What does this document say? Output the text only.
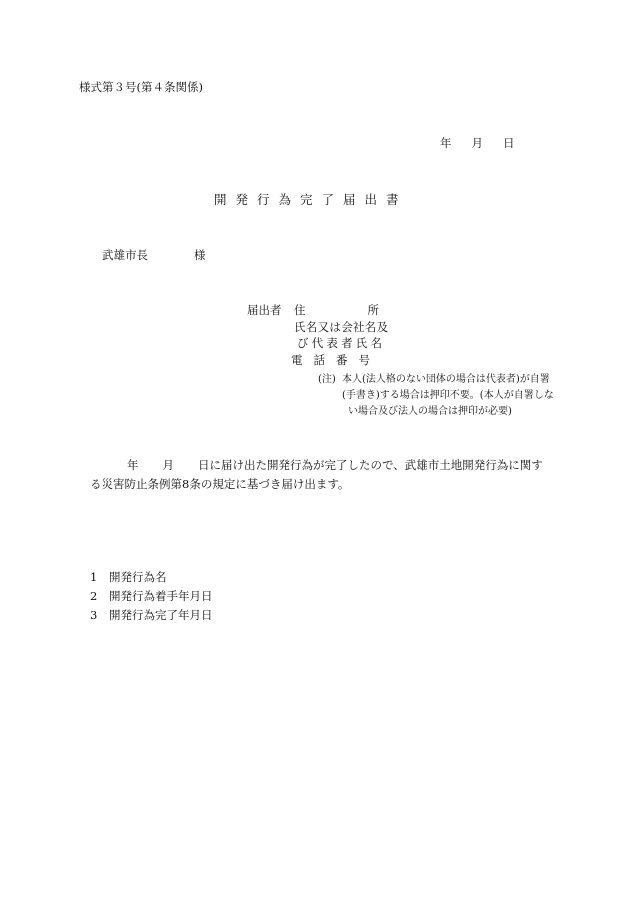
様式第３号(第４条関係)
年 月 日
開発行為完了届出書
武雄市長	様
届出者 住	所
氏名又は会社名及
び代表者氏名
電話番号
(注) 本人(法人格のない団体の場合は代表者)が自署
(手書き)する場合は押印不要。(本人が自署しな
い場合及び法人の場合は押印が必要)
年 月 日に届け出た開発行為が完了したので、武雄市土地開発行為に関す
る災害防止条例第8条の規定に基づき届け出ます。
1 開発行為名
2 開発行為着手年月日
3 開発行為完了年月日
